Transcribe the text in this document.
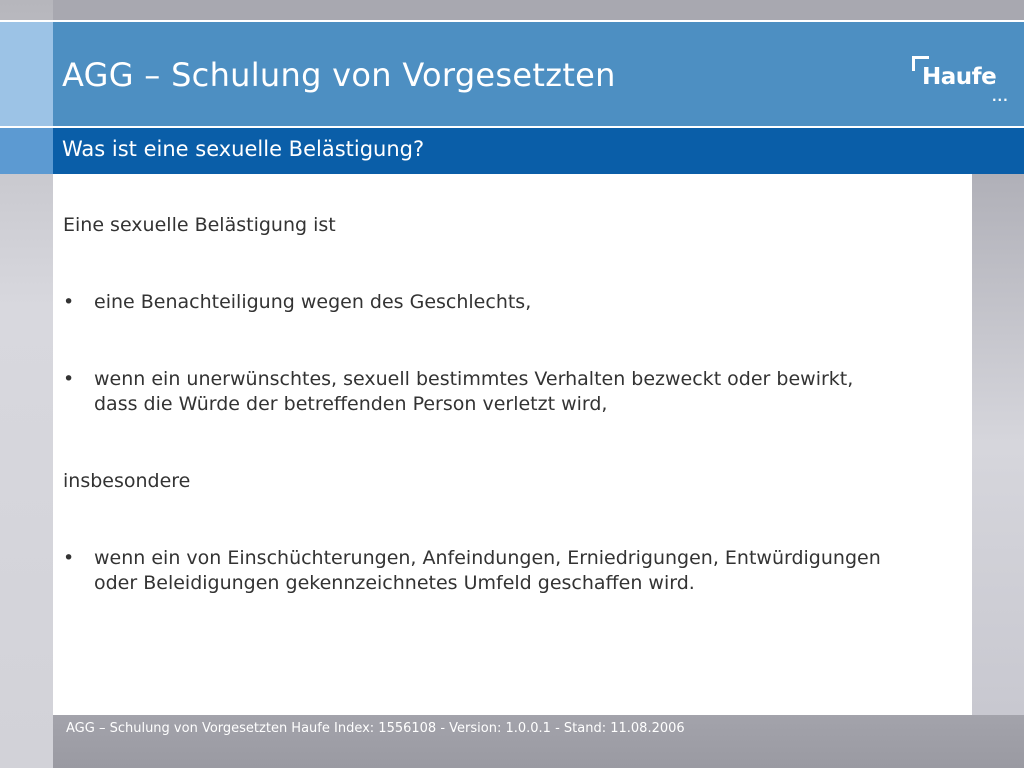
AGG – Schulung von Vorgesetzten	Haufe
...
Was ist eine sexuelle Belästigung?
Eine sexuelle Belästigung ist
•	eine Benachteiligung wegen des Geschlechts,
•	wenn ein unerwünschtes, sexuell bestimmtes Verhalten bezweckt oder bewirkt, dass die Würde der betreffenden Person verletzt wird,
insbesondere
•	wenn ein von Einschüchterungen, Anfeindungen, Erniedrigungen, Entwürdigungen oder Beleidigungen gekennzeichnetes Umfeld geschaffen wird.
AGG – Schulung von Vorgesetzten Haufe Index: 1556108 - Version: 1.0.0.1 - Stand: 11.08.2006
